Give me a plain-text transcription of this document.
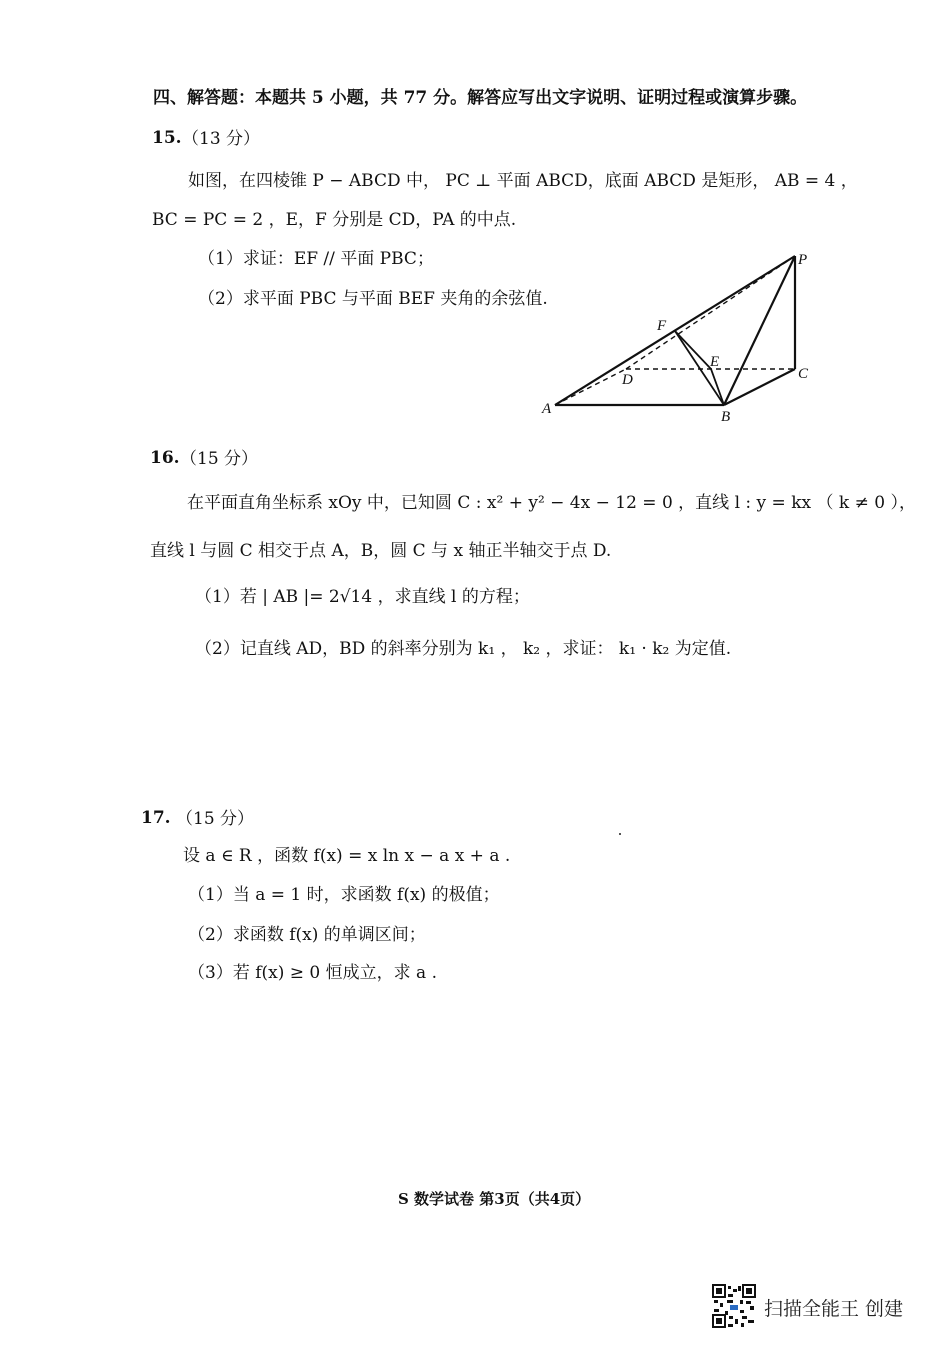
四、解答题：本题共 5 小题，共 77 分。解答应写出文字说明、证明过程或演算步骤。
15. （13 分）
如图，在四棱锥 P − ABCD 中， PC ⊥ 平面 ABCD，底面 ABCD 是矩形， AB = 4 ，
BC = PC = 2 ，E，F 分别是 CD，PA 的中点.
（1）求证：EF // 平面 PBC；
（2）求平面 PBC 与平面 BEF 夹角的余弦值.
P
F
E
D	C
A	B
16. （15 分）
在平面直角坐标系 xOy 中，已知圆 C : x² + y² − 4x − 12 = 0 ，直线 l : y = kx （ k ≠ 0 ），
直线 l 与圆 C 相交于点 A，B，圆 C 与 x 轴正半轴交于点 D.
（1）若 | AB |= 2√14 ，求直线 l 的方程；
（2）记直线 AD，BD 的斜率分别为 k₁ ， k₂ ，求证： k₁ · k₂ 为定值.
17. （15 分）
设 a ∈ R ，函数 f(x) = x ln x − a x + a .
（1）当 a = 1 时，求函数 f(x) 的极值；
（2）求函数 f(x) 的单调区间；
（3）若 f(x) ≥ 0 恒成立，求 a .
S 数学试卷 第3页（共4页）
扫描全能王 创建
